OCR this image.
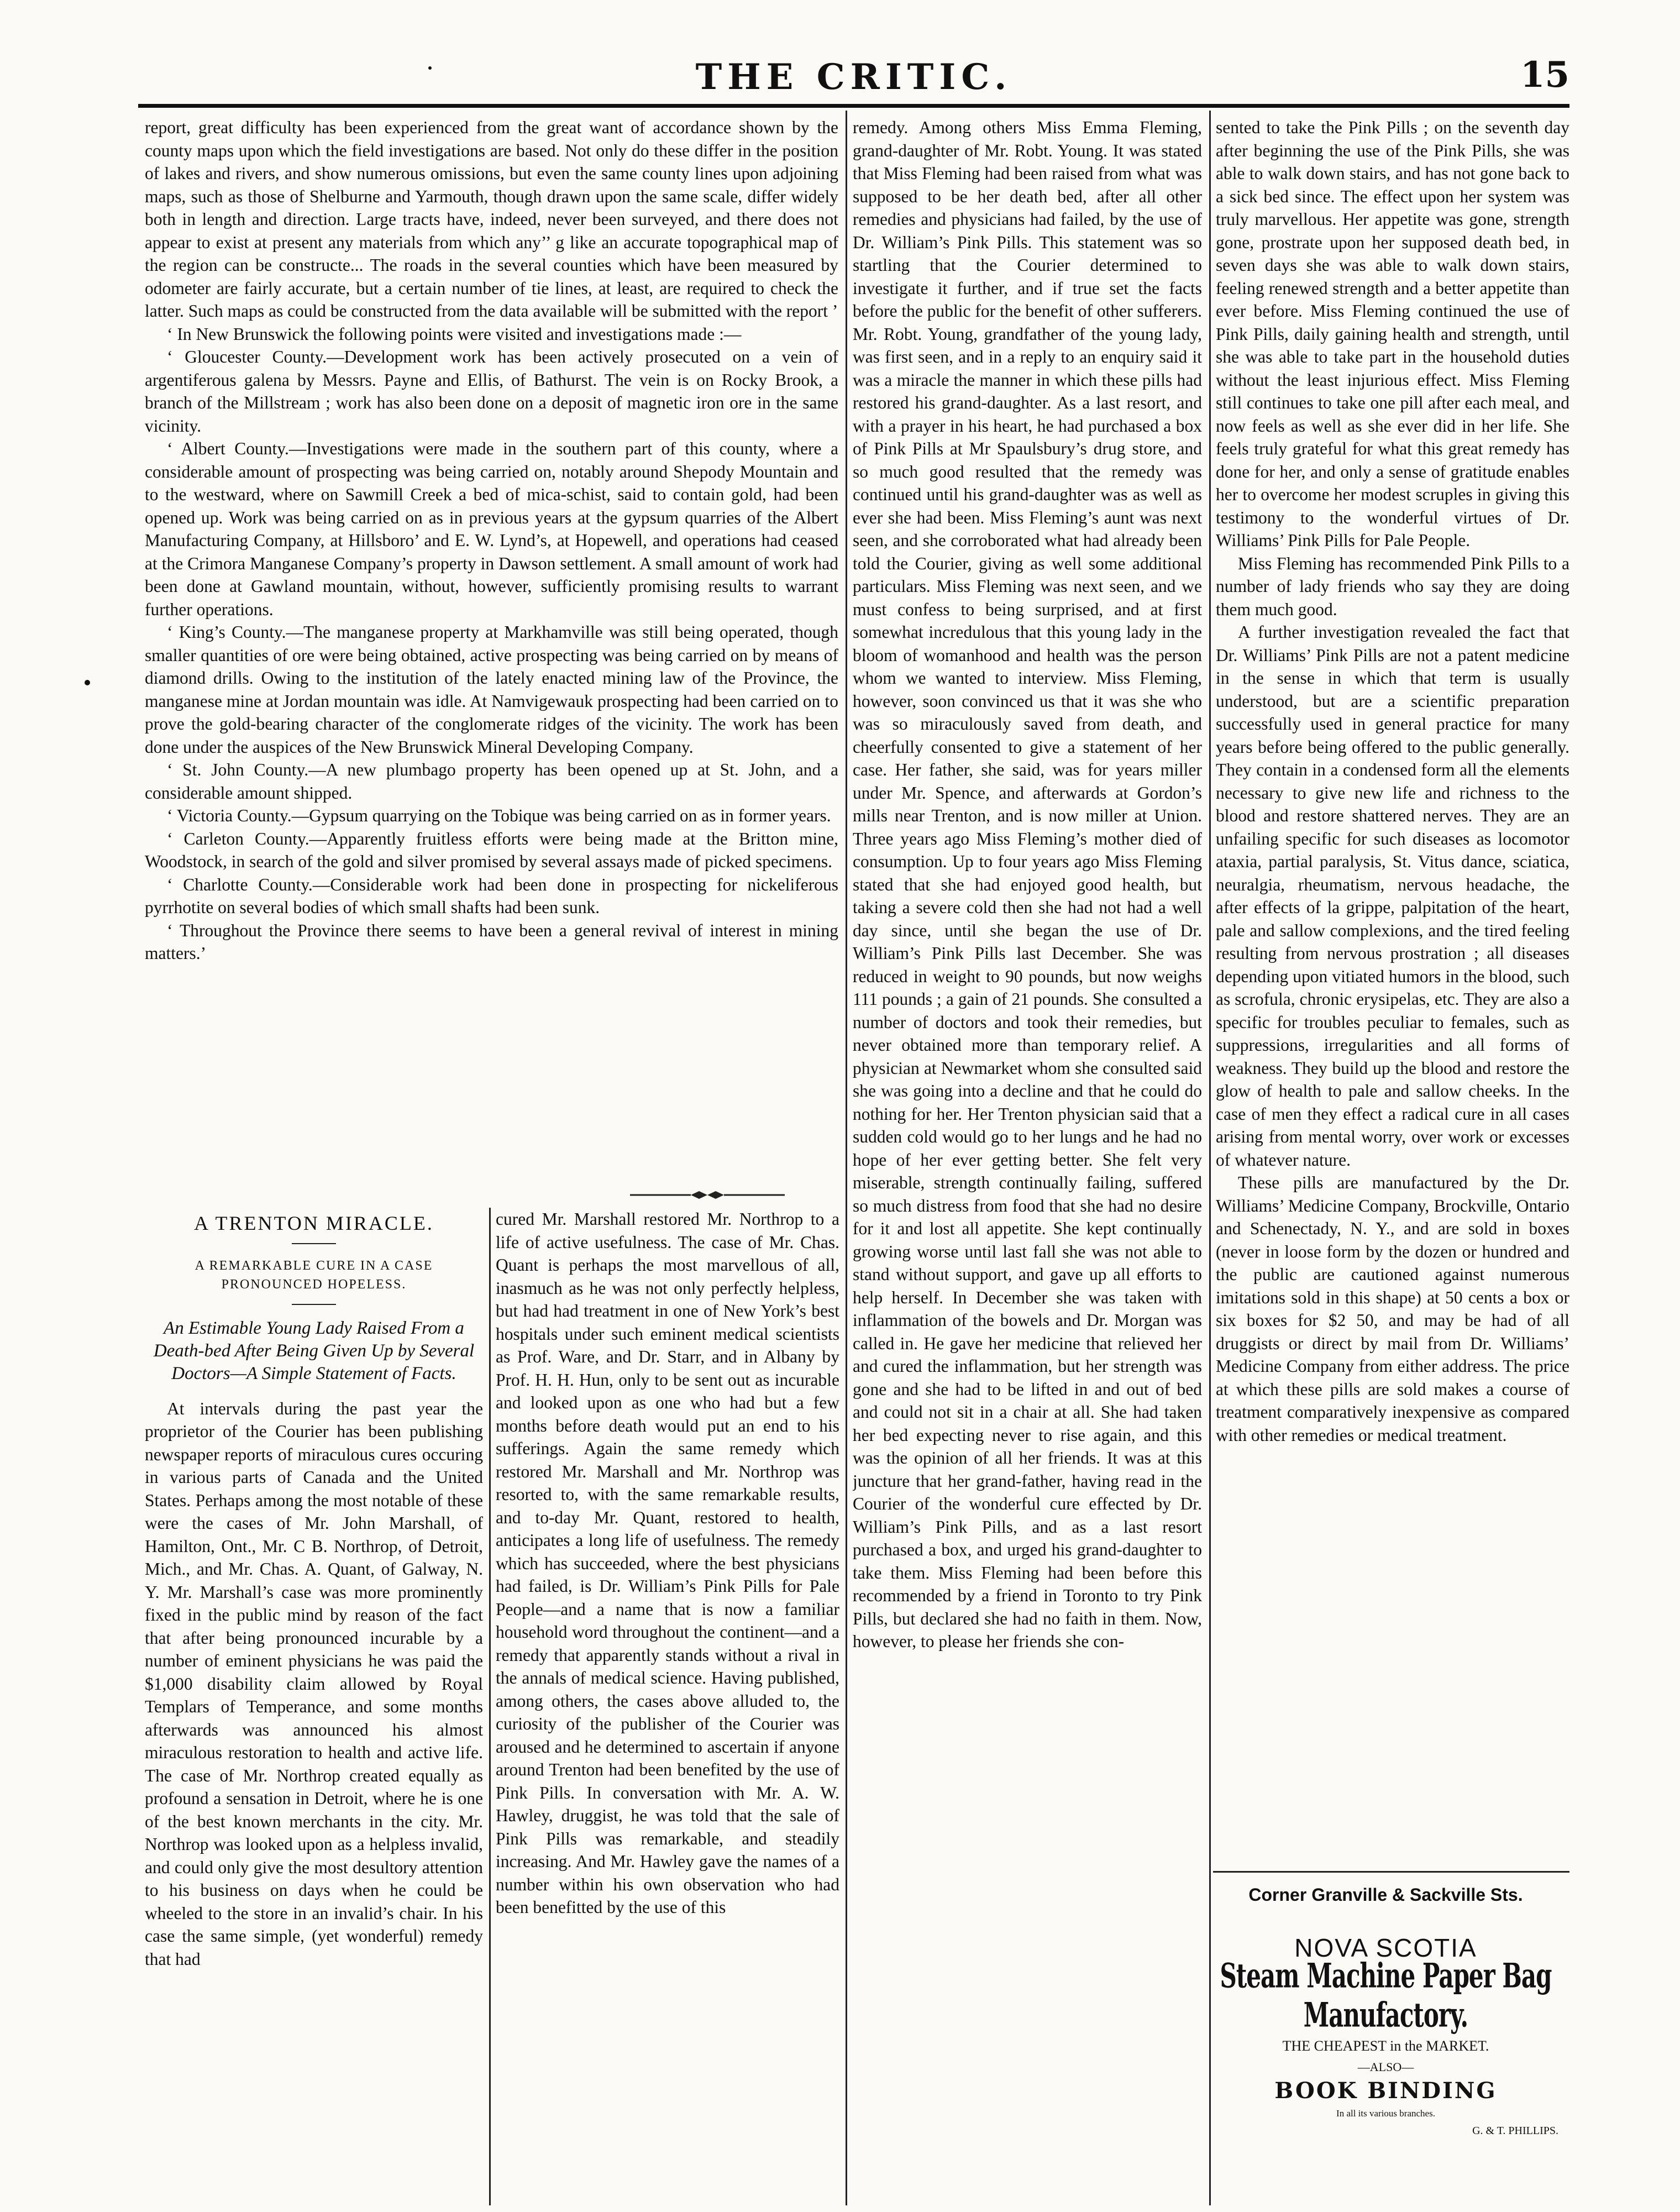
THE CRITIC.	15

report, great difficulty has been experienced from the great want of accordance shown by the county maps upon which the field investigations are based. Not only do these differ in the position of lakes and rivers, and show numerous omissions, but even the same county lines upon adjoining maps, such as those of Shelburne and Yarmouth, though drawn upon the same scale, differ widely both in length and direction. Large tracts have, indeed, never been surveyed, and there does not appear to exist at present any materials from which any’’ g like an accurate topographical map of the region can be constructe... The roads in the several counties which have been measured by odometer are fairly accurate, but a certain number of tie lines, at least, are required to check the latter. Such maps as could be constructed from the data available will be submitted with the report ’

‘ In New Brunswick the following points were visited and investigations made :—

‘ Gloucester County.—Development work has been actively prosecuted on a vein of argentiferous galena by Messrs. Payne and Ellis, of Bathurst. The vein is on Rocky Brook, a branch of the Millstream ; work has also been done on a deposit of magnetic iron ore in the same vicinity.

‘ Albert County.—Investigations were made in the southern part of this county, where a considerable amount of prospecting was being carried on, notably around Shepody Mountain and to the westward, where on Sawmill Creek a bed of mica-schist, said to contain gold, had been opened up. Work was being carried on as in previous years at the gypsum quarries of the Albert Manufacturing Company, at Hillsboro’ and E. W. Lynd’s, at Hopewell, and operations had ceased at the Crimora Manganese Company’s property in Dawson settlement. A small amount of work had been done at Gawland mountain, without, however, sufficiently promising results to warrant further operations.

‘ King’s County.—The manganese property at Markhamville was still being operated, though smaller quantities of ore were being obtained, active prospecting was being carried on by means of diamond drills. Owing to the institution of the lately enacted mining law of the Province, the manganese mine at Jordan mountain was idle. At Namvigewauk prospecting had been carried on to prove the gold-bearing character of the conglomerate ridges of the vicinity. The work has been done under the auspices of the New Brunswick Mineral Developing Company.

‘ St. John County.—A new plumbago property has been opened up at St. John, and a considerable amount shipped.

‘ Victoria County.—Gypsum quarrying on the Tobique was being carried on as in former years.

‘ Carleton County.—Apparently fruitless efforts were being made at the Britton mine, Woodstock, in search of the gold and silver promised by several assays made of picked specimens.

‘ Charlotte County.—Considerable work had been done in prospecting for nickeliferous pyrrhotite on several bodies of which small shafts had been sunk.

‘ Throughout the Province there seems to have been a general revival of interest in mining matters.’

A TRENTON MIRACLE.
A REMARKABLE CURE IN A CASE PRONOUNCED HOPELESS.
An Estimable Young Lady Raised From a Death-bed After Being Given Up by Several Doctors—A Simple Statement of Facts.

At intervals during the past year the proprietor of the Courier has been publishing newspaper reports of miraculous cures occuring in various parts of Canada and the United States. Perhaps among the most notable of these were the cases of Mr. John Marshall, of Hamilton, Ont., Mr. C B. Northrop, of Detroit, Mich., and Mr. Chas. A. Quant, of Galway, N. Y. Mr. Marshall’s case was more prominently fixed in the public mind by reason of the fact that after being pronounced incurable by a number of eminent physicians he was paid the $1,000 disability claim allowed by Royal Templars of Temperance, and some months afterwards was announced his almost miraculous restoration to health and active life. The case of Mr. Northrop created equally as profound a sensation in Detroit, where he is one of the best known merchants in the city. Mr. Northrop was looked upon as a helpless invalid, and could only give the most desultory attention to his business on days when he could be wheeled to the store in an invalid’s chair. In his case the same simple, (yet wonderful) remedy that had

cured Mr. Marshall restored Mr. Northrop to a life of active usefulness. The case of Mr. Chas. Quant is perhaps the most marvellous of all, inasmuch as he was not only perfectly helpless, but had had treatment in one of New York’s best hospitals under such eminent medical scientists as Prof. Ware, and Dr. Starr, and in Albany by Prof. H. H. Hun, only to be sent out as incurable and looked upon as one who had but a few months before death would put an end to his sufferings. Again the same remedy which restored Mr. Marshall and Mr. Northrop was resorted to, with the same remarkable results, and to-day Mr. Quant, restored to health, anticipates a long life of usefulness. The remedy which has succeeded, where the best physicians had failed, is Dr. William’s Pink Pills for Pale People—and a name that is now a familiar household word throughout the continent—and a remedy that apparently stands without a rival in the annals of medical science. Having published, among others, the cases above alluded to, the curiosity of the publisher of the Courier was aroused and he determined to ascertain if anyone around Trenton had been benefited by the use of Pink Pills. In conversation with Mr. A. W. Hawley, druggist, he was told that the sale of Pink Pills was remarkable, and steadily increasing. And Mr. Hawley gave the names of a number within his own observation who had been benefitted by the use of this

remedy. Among others Miss Emma Fleming, grand-daughter of Mr. Robt. Young. It was stated that Miss Fleming had been raised from what was supposed to be her death bed, after all other remedies and physicians had failed, by the use of Dr. William’s Pink Pills. This statement was so startling that the Courier determined to investigate it further, and if true set the facts before the public for the benefit of other sufferers. Mr. Robt. Young, grandfather of the young lady, was first seen, and in a reply to an enquiry said it was a miracle the manner in which these pills had restored his grand-daughter. As a last resort, and with a prayer in his heart, he had purchased a box of Pink Pills at Mr Spaulsbury’s drug store, and so much good resulted that the remedy was continued until his grand-daughter was as well as ever she had been. Miss Fleming’s aunt was next seen, and she corroborated what had already been told the Courier, giving as well some additional particulars. Miss Fleming was next seen, and we must confess to being surprised, and at first somewhat incredulous that this young lady in the bloom of womanhood and health was the person whom we wanted to interview. Miss Fleming, however, soon convinced us that it was she who was so miraculously saved from death, and cheerfully consented to give a statement of her case. Her father, she said, was for years miller under Mr. Spence, and afterwards at Gordon’s mills near Trenton, and is now miller at Union. Three years ago Miss Fleming’s mother died of consumption. Up to four years ago Miss Fleming stated that she had enjoyed good health, but taking a severe cold then she had not had a well day since, until she began the use of Dr. William’s Pink Pills last December. She was reduced in weight to 90 pounds, but now weighs 111 pounds ; a gain of 21 pounds. She consulted a number of doctors and took their remedies, but never obtained more than temporary relief. A physician at Newmarket whom she consulted said she was going into a decline and that he could do nothing for her. Her Trenton physician said that a sudden cold would go to her lungs and he had no hope of her ever getting better. She felt very miserable, strength continually failing, suffered so much distress from food that she had no desire for it and lost all appetite. She kept continually growing worse until last fall she was not able to stand without support, and gave up all efforts to help herself. In December she was taken with inflammation of the bowels and Dr. Morgan was called in. He gave her medicine that relieved her and cured the inflammation, but her strength was gone and she had to be lifted in and out of bed and could not sit in a chair at all. She had taken her bed expecting never to rise again, and this was the opinion of all her friends. It was at this juncture that her grand-father, having read in the Courier of the wonderful cure effected by Dr. William’s Pink Pills, and as a last resort purchased a box, and urged his grand-daughter to take them. Miss Fleming had been before this recommended by a friend in Toronto to try Pink Pills, but declared she had no faith in them. Now, however, to please her friends she con-

sented to take the Pink Pills ; on the seventh day after beginning the use of the Pink Pills, she was able to walk down stairs, and has not gone back to a sick bed since. The effect upon her system was truly marvellous. Her appetite was gone, strength gone, prostrate upon her supposed death bed, in seven days she was able to walk down stairs, feeling renewed strength and a better appetite than ever before. Miss Fleming continued the use of Pink Pills, daily gaining health and strength, until she was able to take part in the household duties without the least injurious effect. Miss Fleming still continues to take one pill after each meal, and now feels as well as she ever did in her life. She feels truly grateful for what this great remedy has done for her, and only a sense of gratitude enables her to overcome her modest scruples in giving this testimony to the wonderful virtues of Dr. Williams’ Pink Pills for Pale People.

Miss Fleming has recommended Pink Pills to a number of lady friends who say they are doing them much good.

A further investigation revealed the fact that Dr. Williams’ Pink Pills are not a patent medicine in the sense in which that term is usually understood, but are a scientific preparation successfully used in general practice for many years before being offered to the public generally. They contain in a condensed form all the elements necessary to give new life and richness to the blood and restore shattered nerves. They are an unfailing specific for such diseases as locomotor ataxia, partial paralysis, St. Vitus dance, sciatica, neuralgia, rheumatism, nervous headache, the after effects of la grippe, palpitation of the heart, pale and sallow complexions, and the tired feeling resulting from nervous prostration ; all diseases depending upon vitiated humors in the blood, such as scrofula, chronic erysipelas, etc. They are also a specific for troubles peculiar to females, such as suppressions, irregularities and all forms of weakness. They build up the blood and restore the glow of health to pale and sallow cheeks. In the case of men they effect a radical cure in all cases arising from mental worry, over work or excesses of whatever nature.

These pills are manufactured by the Dr. Williams’ Medicine Company, Brockville, Ontario and Schenectady, N. Y., and are sold in boxes (never in loose form by the dozen or hundred and the public are cautioned against numerous imitations sold in this shape) at 50 cents a box or six boxes for $2 50, and may be had of all druggists or direct by mail from Dr. Williams’ Medicine Company from either address. The price at which these pills are sold makes a course of treatment comparatively inexpensive as compared with other remedies or medical treatment.

Corner Granville & Sackville Sts.
NOVA SCOTIA
Steam Machine Paper Bag Manufactory.
THE CHEAPEST in the MARKET.
—ALSO—
BOOK BINDING
In all its various branches.
G. & T. PHILLIPS.
